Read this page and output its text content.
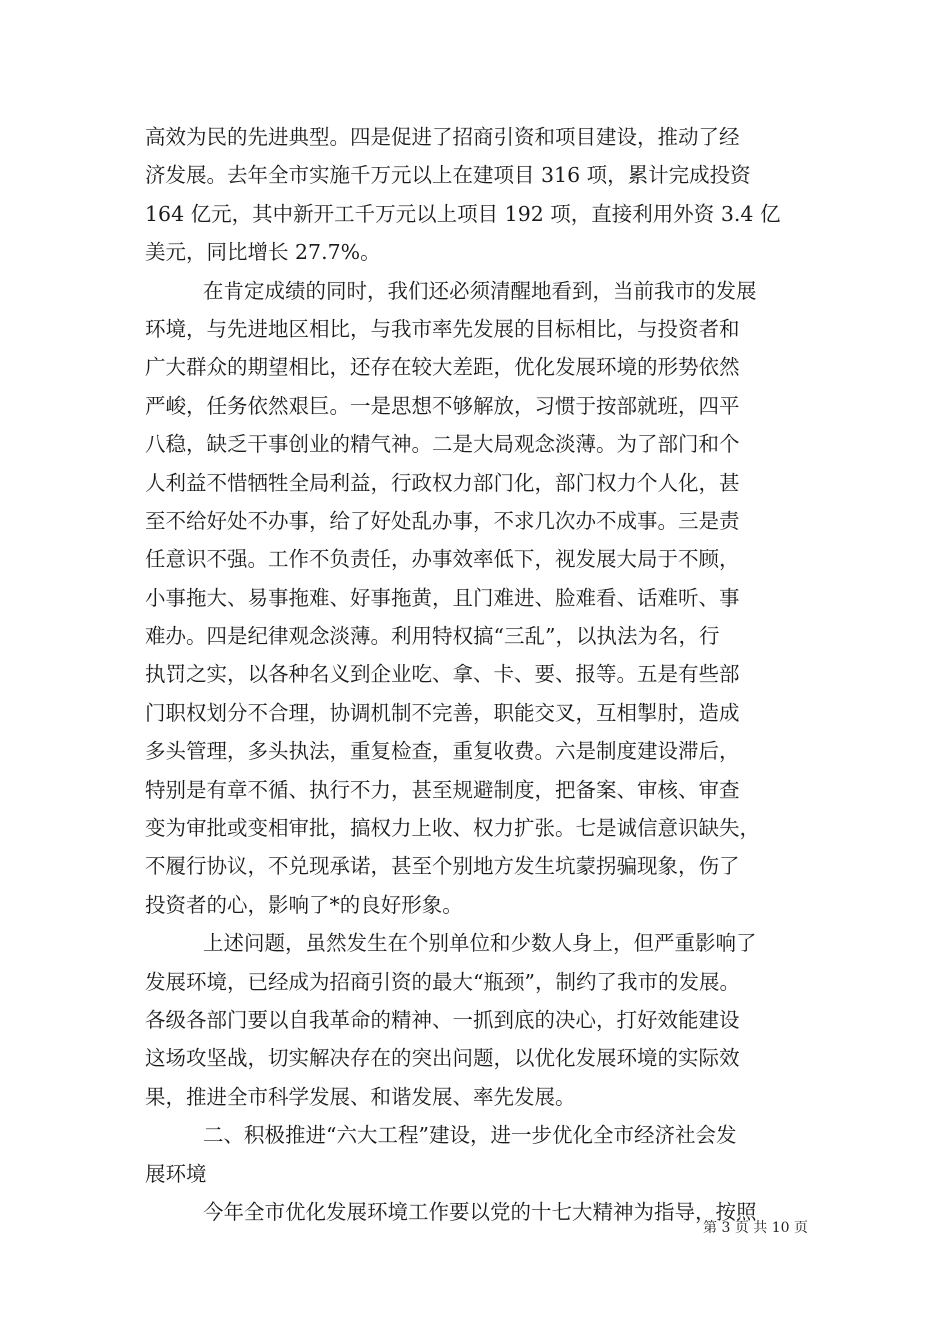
高效为民的先进典型。四是促进了招商引资和项目建设，推动了经
济发展。去年全市实施千万元以上在建项目 316 项，累计完成投资
164 亿元，其中新开工千万元以上项目 192 项，直接利用外资 3.4 亿
美元，同比增长 27.7%。
在肯定成绩的同时，我们还必须清醒地看到，当前我市的发展
环境，与先进地区相比，与我市率先发展的目标相比，与投资者和
广大群众的期望相比，还存在较大差距，优化发展环境的形势依然
严峻，任务依然艰巨。一是思想不够解放，习惯于按部就班，四平
八稳，缺乏干事创业的精气神。二是大局观念淡薄。为了部门和个
人利益不惜牺牲全局利益，行政权力部门化，部门权力个人化，甚
至不给好处不办事，给了好处乱办事，不求几次办不成事。三是责
任意识不强。工作不负责任，办事效率低下，视发展大局于不顾，
小事拖大、易事拖难、好事拖黄，且门难进、脸难看、话难听、事
难办。四是纪律观念淡薄。利用特权搞“三乱”，以执法为名，行
执罚之实，以各种名义到企业吃、拿、卡、要、报等。五是有些部
门职权划分不合理，协调机制不完善，职能交叉，互相掣肘，造成
多头管理，多头执法，重复检查，重复收费。六是制度建设滞后，
特别是有章不循、执行不力，甚至规避制度，把备案、审核、审查
变为审批或变相审批，搞权力上收、权力扩张。七是诚信意识缺失，
不履行协议，不兑现承诺，甚至个别地方发生坑蒙拐骗现象，伤了
投资者的心，影响了*的良好形象。
上述问题，虽然发生在个别单位和少数人身上，但严重影响了
发展环境，已经成为招商引资的最大“瓶颈”，制约了我市的发展。
各级各部门要以自我革命的精神、一抓到底的决心，打好效能建设
这场攻坚战，切实解决存在的突出问题，以优化发展环境的实际效
果，推进全市科学发展、和谐发展、率先发展。
二、积极推进“六大工程”建设，进一步优化全市经济社会发
展环境
今年全市优化发展环境工作要以党的十七大精神为指导，按照
第 3 页 共 10 页
